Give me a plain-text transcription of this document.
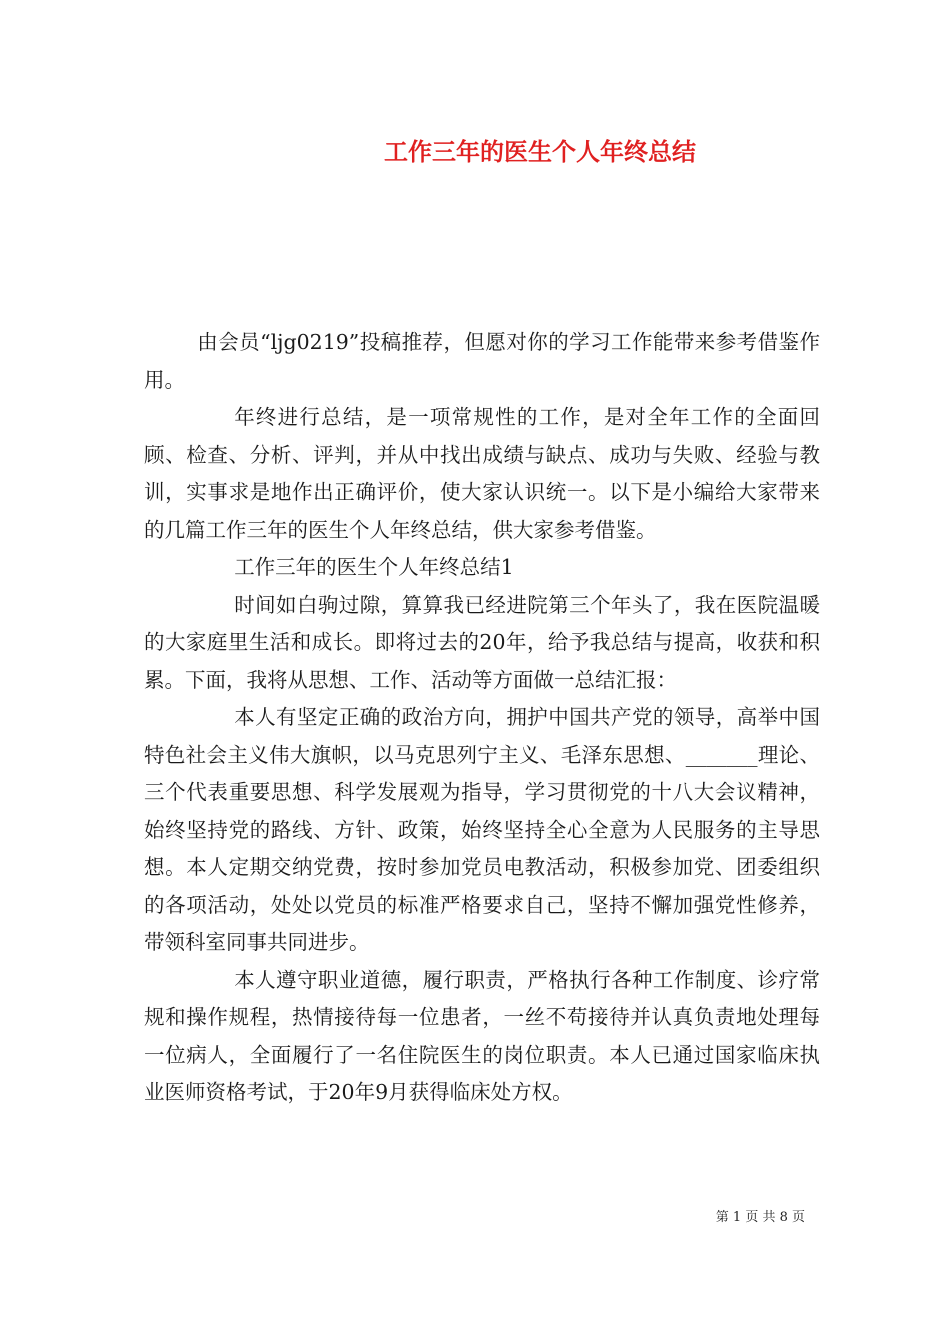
工作三年的医生个人年终总结

由会员“ljg0219”投稿推荐，但愿对你的学习工作能带来参考借鉴作用。

年终进行总结，是一项常规性的工作，是对全年工作的全面回顾、检查、分析、评判，并从中找出成绩与缺点、成功与失败、经验与教训，实事求是地作出正确评价，使大家认识统一。以下是小编给大家带来的几篇工作三年的医生个人年终总结，供大家参考借鉴。

工作三年的医生个人年终总结1

时间如白驹过隙，算算我已经进院第三个年头了，我在医院温暖的大家庭里生活和成长。即将过去的20年，给予我总结与提高，收获和积累。下面，我将从思想、工作、活动等方面做一总结汇报：

本人有坚定正确的政治方向，拥护中国共产党的领导，高举中国特色社会主义伟大旗帜，以马克思列宁主义、毛泽东思想、_______理论、三个代表重要思想、科学发展观为指导，学习贯彻党的十八大会议精神，始终坚持党的路线、方针、政策，始终坚持全心全意为人民服务的主导思想。本人定期交纳党费，按时参加党员电教活动，积极参加党、团委组织的各项活动，处处以党员的标准严格要求自己，坚持不懈加强党性修养，带领科室同事共同进步。

本人遵守职业道德，履行职责，严格执行各种工作制度、诊疗常规和操作规程，热情接待每一位患者，一丝不苟接待并认真负责地处理每一位病人，全面履行了一名住院医生的岗位职责。本人已通过国家临床执业医师资格考试，于20年9月获得临床处方权。

第 1 页 共 8 页
